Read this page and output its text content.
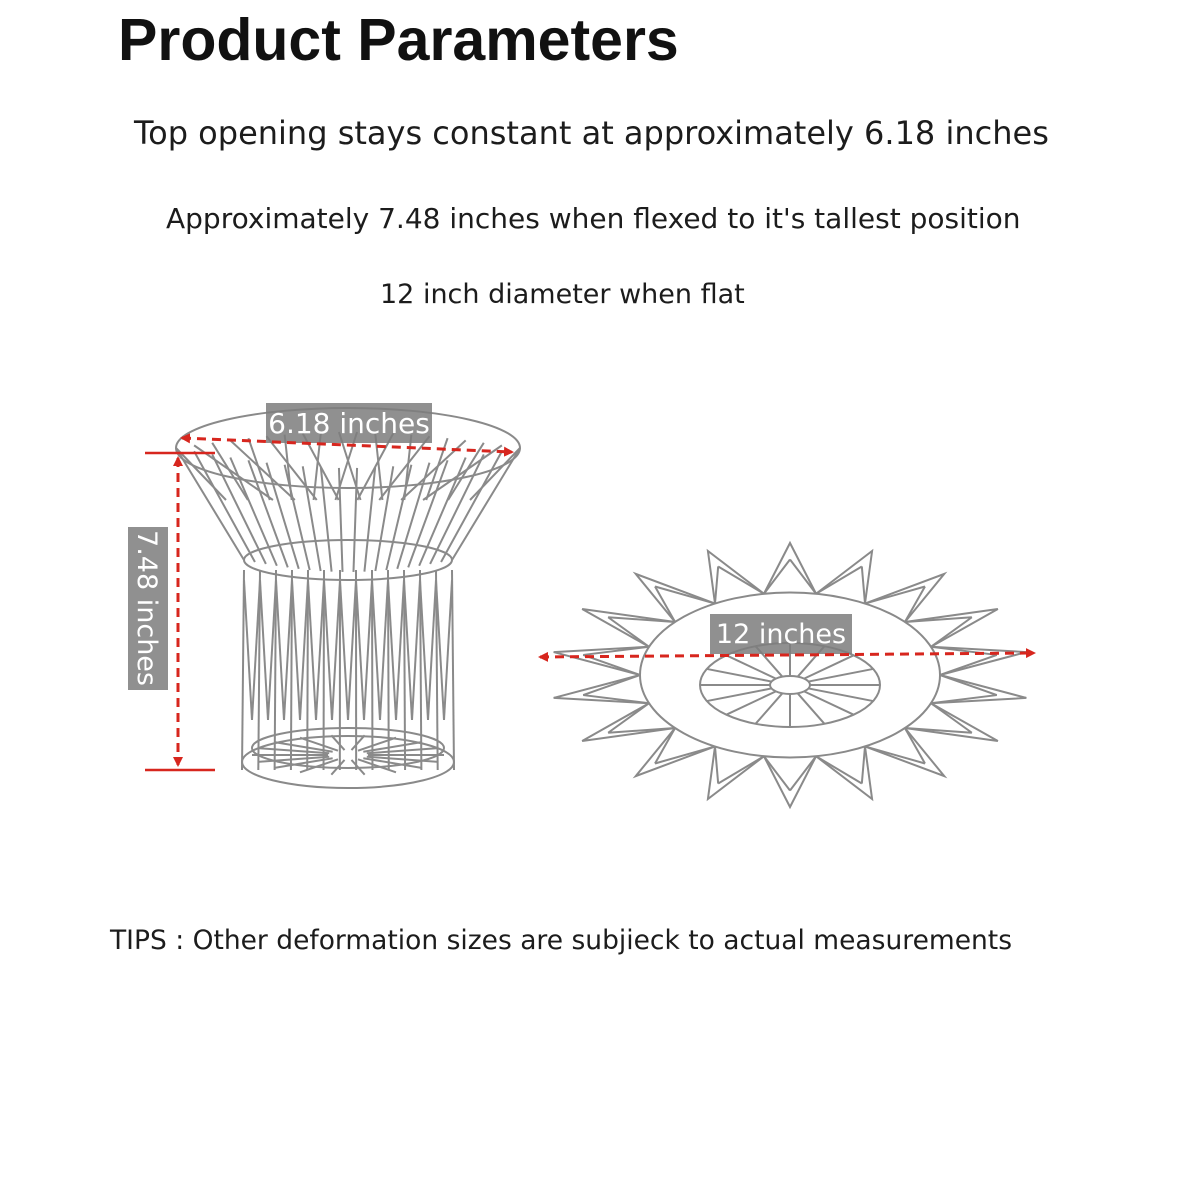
Product Parameters
Top opening stays constant at approximately 6.18 inches
Approximately 7.48 inches when flexed to it's tallest position
12 inch diameter when flat
6.18 inches
7.48 inches	12 inches
TIPS : Other deformation sizes are subjieck to actual measurements
